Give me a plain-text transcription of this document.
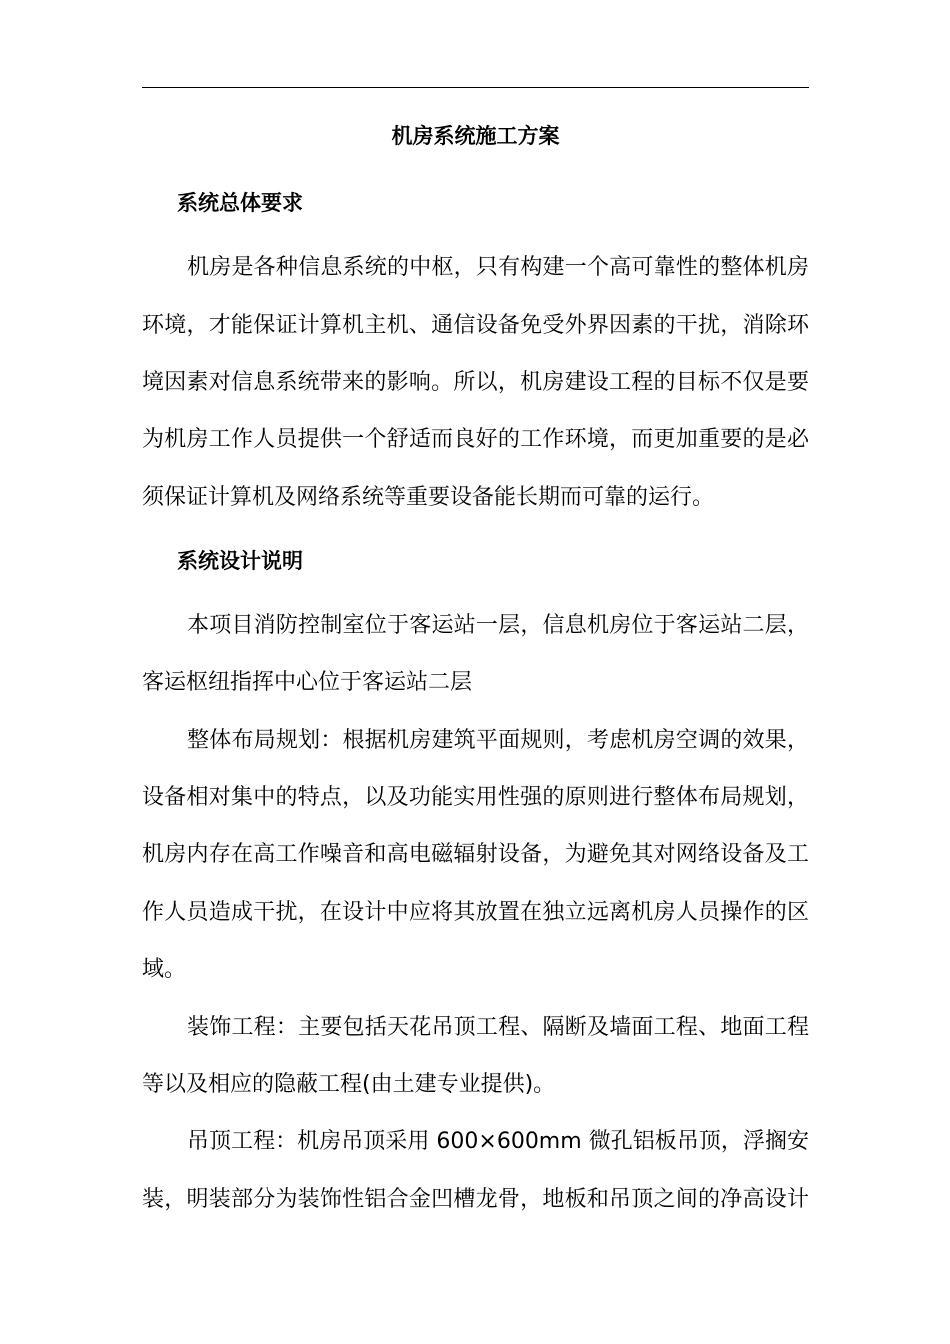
机房系统施工方案
系统总体要求
机房是各种信息系统的中枢，只有构建一个高可靠性的整体机房
环境，才能保证计算机主机、通信设备免受外界因素的干扰，消除环
境因素对信息系统带来的影响。所以，机房建设工程的目标不仅是要
为机房工作人员提供一个舒适而良好的工作环境，而更加重要的是必
须保证计算机及网络系统等重要设备能长期而可靠的运行。
系统设计说明
本项目消防控制室位于客运站一层，信息机房位于客运站二层，
客运枢纽指挥中心位于客运站二层
整体布局规划：根据机房建筑平面规则，考虑机房空调的效果，
设备相对集中的特点，以及功能实用性强的原则进行整体布局规划，
机房内存在高工作噪音和高电磁辐射设备，为避免其对网络设备及工
作人员造成干扰，在设计中应将其放置在独立远离机房人员操作的区
域。
装饰工程：主要包括天花吊顶工程、隔断及墙面工程、地面工程
等以及相应的隐蔽工程(由土建专业提供)。
吊顶工程：机房吊顶采用 600×600mm 微孔铝板吊顶，浮搁安
装，明装部分为装饰性铝合金凹槽龙骨，地板和吊顶之间的净高设计
